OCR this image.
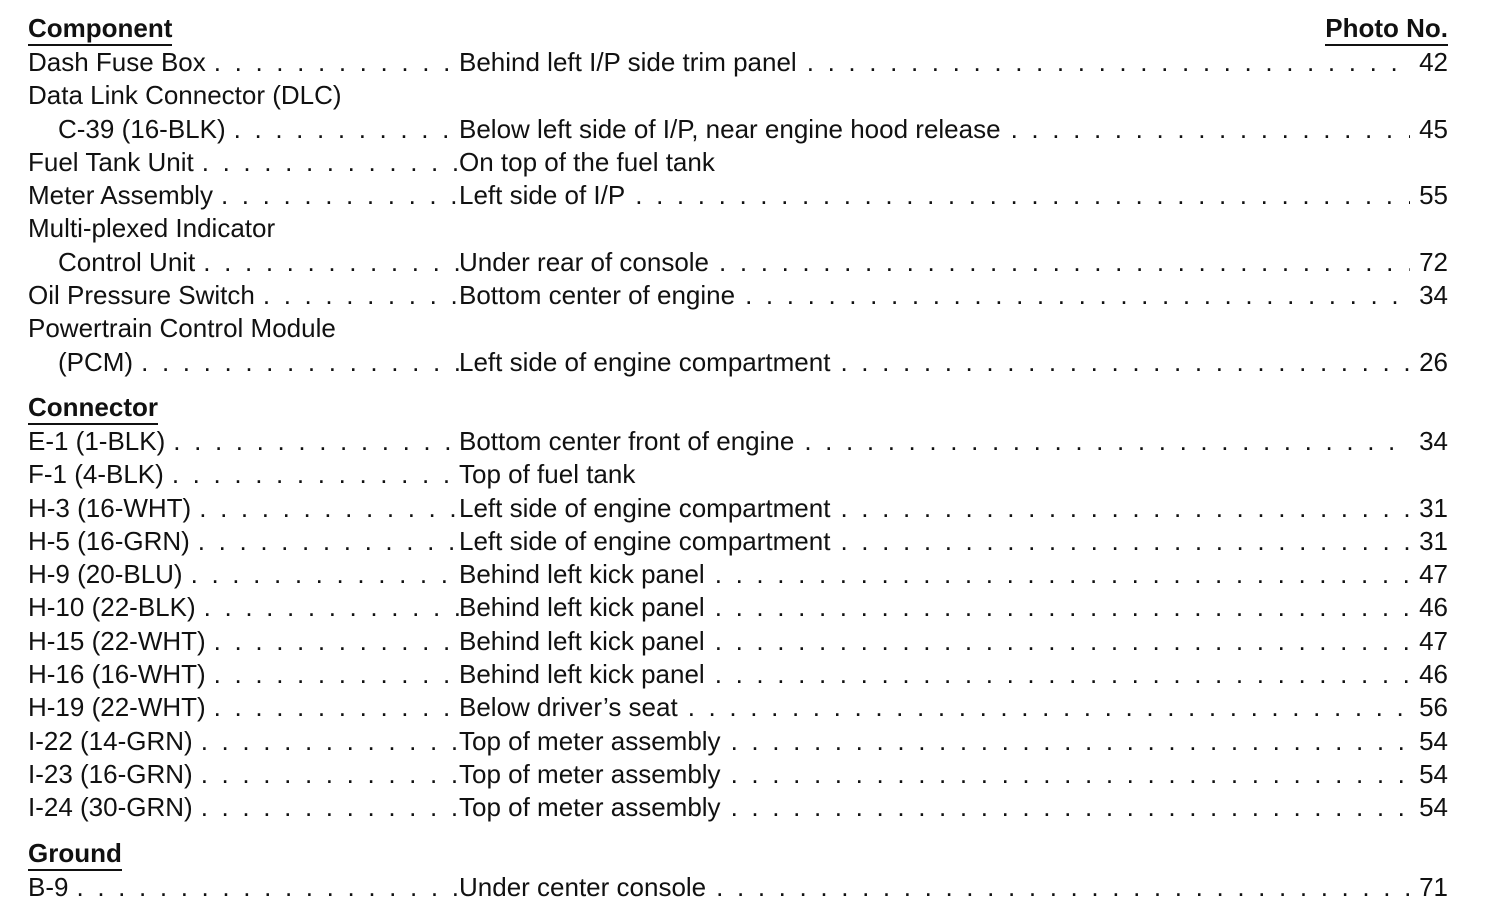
Component	Photo No.
Dash Fuse Box . . .	Behind left I/P side trim panel . . .	42
Data Link Connector (DLC)
C-39 (16-BLK) . . .	Below left side of I/P, near engine hood release . . .	45
Fuel Tank Unit . . .	On top of the fuel tank
Meter Assembly . . .	Left side of I/P . . .	55
Multi-plexed Indicator
Control Unit . . .	Under rear of console . . .	72
Oil Pressure Switch . . .	Bottom center of engine . . .	34
Powertrain Control Module
(PCM) . . .	Left side of engine compartment . . .	26
Connector
E-1 (1-BLK) . . .	Bottom center front of engine . . .	34
F-1 (4-BLK) . . .	Top of fuel tank
H-3 (16-WHT) . . .	Left side of engine compartment . . .	31
H-5 (16-GRN) . . .	Left side of engine compartment . . .	31
H-9 (20-BLU) . . .	Behind left kick panel . . .	47
H-10 (22-BLK) . . .	Behind left kick panel . . .	46
H-15 (22-WHT) . . .	Behind left kick panel . . .	47
H-16 (16-WHT) . . .	Behind left kick panel . . .	46
H-19 (22-WHT) . . .	Below driver’s seat . . .	56
I-22 (14-GRN) . . .	Top of meter assembly . . .	54
I-23 (16-GRN) . . .	Top of meter assembly . . .	54
I-24 (30-GRN) . . .	Top of meter assembly . . .	54
Ground
B-9 . . .	Under center console . . .	71
